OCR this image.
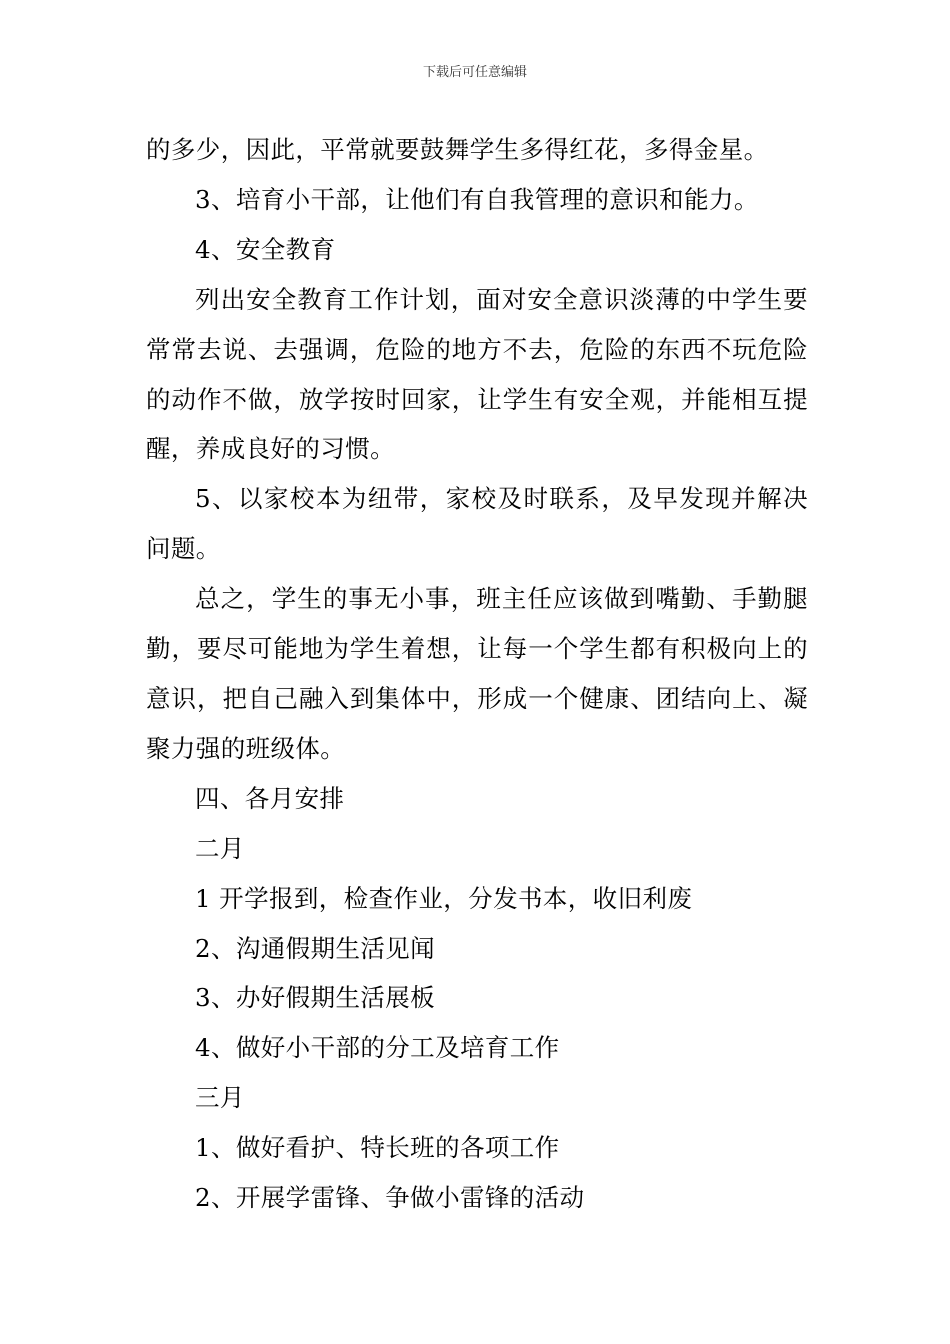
下载后可任意编辑

的多少，因此，平常就要鼓舞学生多得红花，多得金星。

3、培育小干部，让他们有自我管理的意识和能力。

4、安全教育

列出安全教育工作计划，面对安全意识淡薄的中学生要常常去说、去强调，危险的地方不去，危险的东西不玩危险的动作不做，放学按时回家，让学生有安全观，并能相互提醒，养成良好的习惯。

5、以家校本为纽带，家校及时联系，及早发现并解决问题。

总之，学生的事无小事，班主任应该做到嘴勤、手勤腿勤，要尽可能地为学生着想，让每一个学生都有积极向上的意识，把自己融入到集体中，形成一个健康、团结向上、凝聚力强的班级体。

四、各月安排

二月

1 开学报到，检查作业，分发书本，收旧利废

2、沟通假期生活见闻

3、办好假期生活展板

4、做好小干部的分工及培育工作

三月

1、做好看护、特长班的各项工作

2、开展学雷锋、争做小雷锋的活动
